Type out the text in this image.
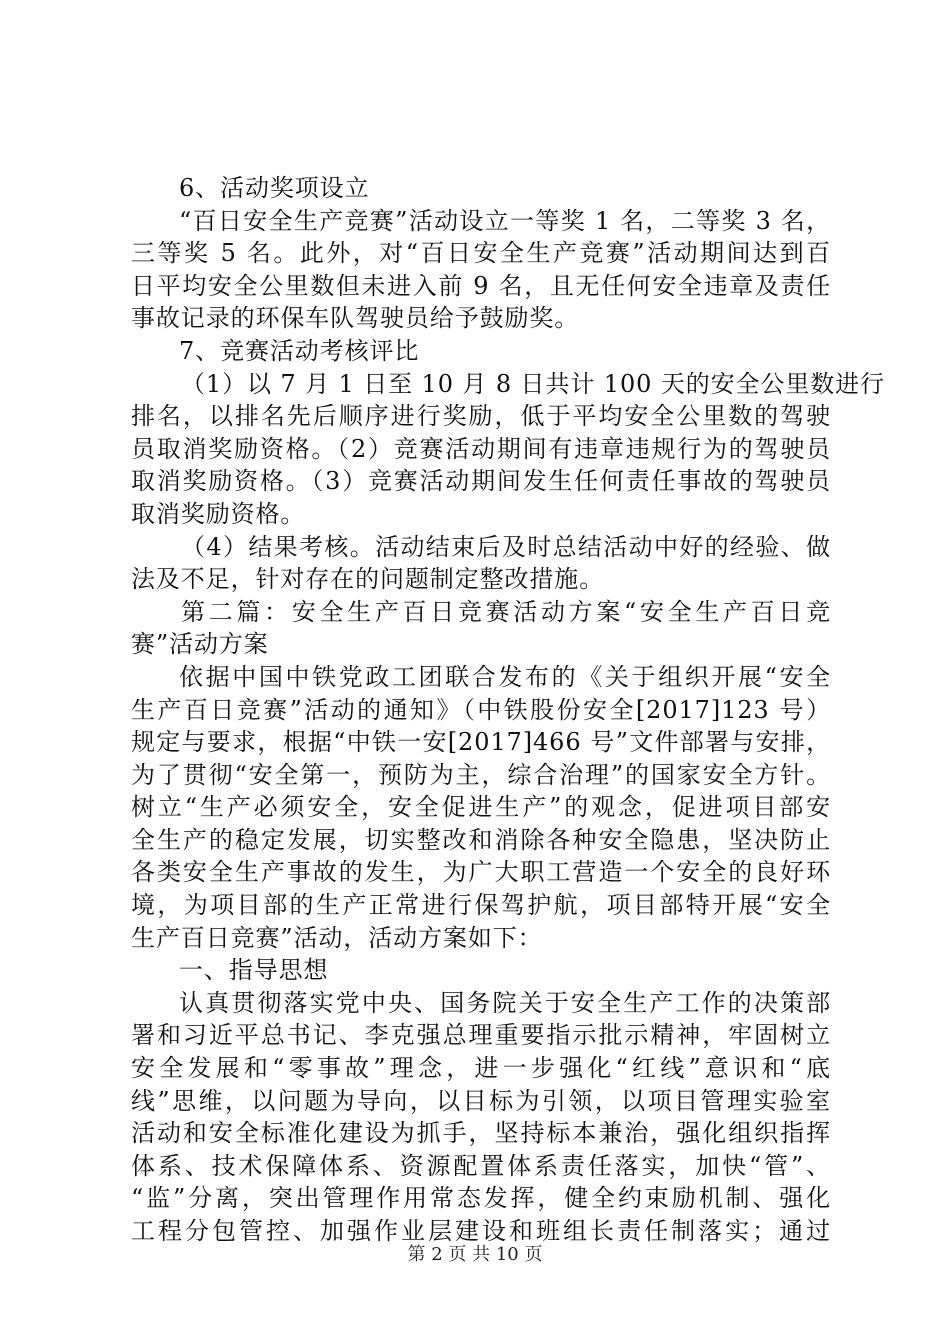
6、活动奖项设立
“百日安全生产竞赛”活动设立一等奖 1 名，二等奖 3 名，
三等奖 5 名。此外，对“百日安全生产竞赛”活动期间达到百
日平均安全公里数但未进入前 9 名，且无任何安全违章及责任
事故记录的环保车队驾驶员给予鼓励奖。
7、竞赛活动考核评比
（1）以 7 月 1 日至 10 月 8 日共计 100 天的安全公里数进行
排名，以排名先后顺序进行奖励，低于平均安全公里数的驾驶
员取消奖励资格。（2）竞赛活动期间有违章违规行为的驾驶员
取消奖励资格。（3）竞赛活动期间发生任何责任事故的驾驶员
取消奖励资格。
（4）结果考核。活动结束后及时总结活动中好的经验、做
法及不足，针对存在的问题制定整改措施。
第二篇：安全生产百日竞赛活动方案“安全生产百日竞
赛”活动方案
依据中国中铁党政工团联合发布的《关于组织开展“安全
生产百日竞赛”活动的通知》（中铁股份安全[2017]123 号）
规定与要求，根据“中铁一安[2017]466 号”文件部署与安排，
为了贯彻“安全第一，预防为主，综合治理”的国家安全方针。
树立“生产必须安全，安全促进生产”的观念，促进项目部安
全生产的稳定发展，切实整改和消除各种安全隐患，坚决防止
各类安全生产事故的发生，为广大职工营造一个安全的良好环
境，为项目部的生产正常进行保驾护航，项目部特开展“安全
生产百日竞赛”活动，活动方案如下：
一、指导思想
认真贯彻落实党中央、国务院关于安全生产工作的决策部
署和习近平总书记、李克强总理重要指示批示精神，牢固树立
安全发展和“零事故”理念，进一步强化“红线”意识和“底
线”思维，以问题为导向，以目标为引领，以项目管理实验室
活动和安全标准化建设为抓手，坚持标本兼治，强化组织指挥
体系、技术保障体系、资源配置体系责任落实，加快“管”、
“监”分离，突出管理作用常态发挥，健全约束励机制、强化
工程分包管控、加强作业层建设和班组长责任制落实；通过
第 2 页 共 10 页
